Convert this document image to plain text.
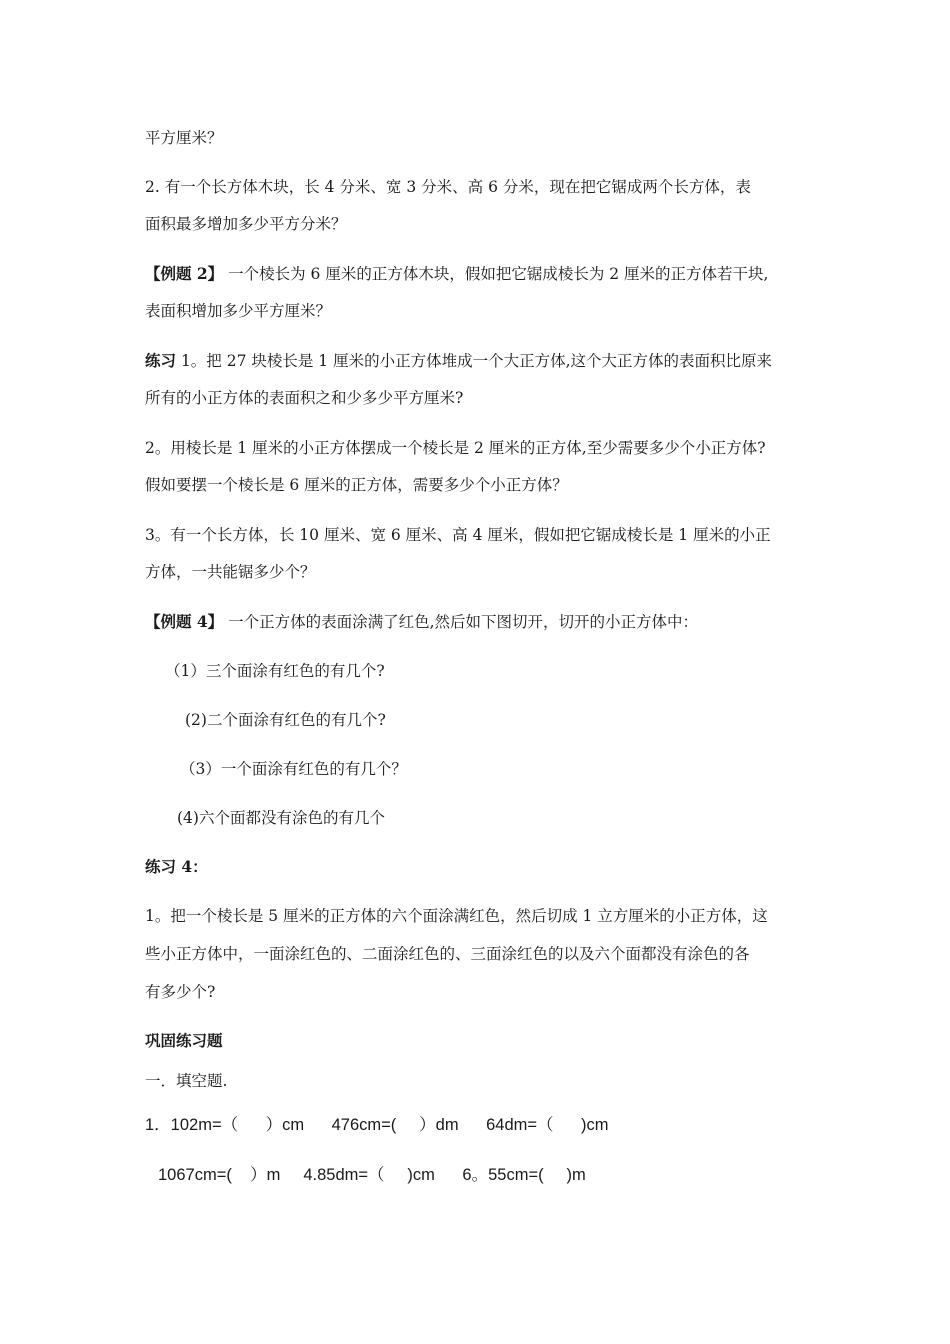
平方厘米？

2. 有一个长方体木块，长 4 分米、宽 3 分米、高 6 分米，现在把它锯成两个长方体，表

面积最多增加多少平方分米？

【例题 2】 一个棱长为 6 厘米的正方体木块，假如把它锯成棱长为 2 厘米的正方体若干块,

表面积增加多少平方厘米？

练习 1。把 27 块棱长是 1 厘米的小正方体堆成一个大正方体,这个大正方体的表面积比原来

所有的小正方体的表面积之和少多少平方厘米?

2。用棱长是 1 厘米的小正方体摆成一个棱长是 2 厘米的正方体,至少需要多少个小正方体?

假如要摆一个棱长是 6 厘米的正方体，需要多少个小正方体？

3。有一个长方体，长 10 厘米、宽 6 厘米、高 4 厘米，假如把它锯成棱长是 1 厘米的小正

方体，一共能锯多少个？

【例题 4】 一个正方体的表面涂满了红色,然后如下图切开，切开的小正方体中：

（1）三个面涂有红色的有几个?

(2)二个面涂有红色的有几个?

（3）一个面涂有红色的有几个？

(4)六个面都没有涂色的有几个

练习 4：

1。把一个棱长是 5 厘米的正方体的六个面涂满红色，然后切成 1 立方厘米的小正方体，这

些小正方体中，一面涂红色的、二面涂红色的、三面涂红色的以及六个面都没有涂色的各

有多少个?

巩固练习题

一．填空题.

1．102m=（      ）cm      476cm=(     ）dm      64dm=（      )cm

1067cm=(    ）m     4.85dm=（     )cm      6。55cm=(     )m
